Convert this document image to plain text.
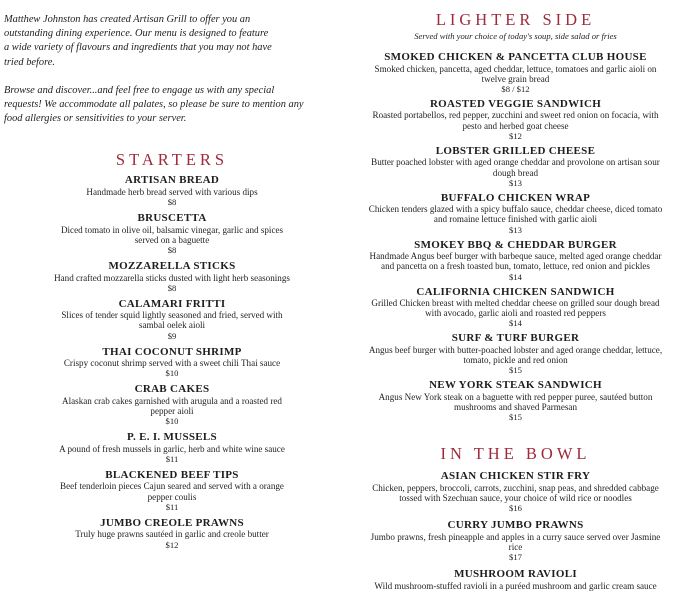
Matthew Johnston has created Artisan Grill to offer you an outstanding dining experience. Our menu is designed to feature a wide variety of flavours and ingredients that you may not have tried before.

Browse and discover...and feel free to engage us with any special requests! We accommodate all palates, so please be sure to mention any food allergies or sensitivities to your server.

STARTERS
ARTISAN BREAD
Handmade herb bread served with various dips
$8
BRUSCETTA
Diced tomato in olive oil, balsamic vinegar, garlic and spices served on a baguette
$8
MOZZARELLA STICKS
Hand crafted mozzarella sticks dusted with light herb seasonings
$8
CALAMARI FRITTI
Slices of tender squid lightly seasoned and fried, served with sambal oelek aioli
$9
THAI COCONUT SHRIMP
Crispy coconut shrimp served with a sweet chili Thai sauce
$10
CRAB CAKES
Alaskan crab cakes garnished with arugula and a roasted red pepper aioli
$10
P. E. I. MUSSELS
A pound of fresh mussels in garlic, herb and white wine sauce
$11
BLACKENED BEEF TIPS
Beef tenderloin pieces Cajun seared and served with a orange pepper coulis
$11
JUMBO CREOLE PRAWNS
Truly huge prawns sautéed in garlic and creole butter
$12
LIGHTER SIDE

Served with your choice of today's soup, side salad or fries

SMOKED CHICKEN & PANCETTA CLUB HOUSE
Smoked chicken, pancetta, aged cheddar, lettuce, tomatoes and garlic aioli on twelve grain bread
$8 / $12
ROASTED VEGGIE SANDWICH
Roasted portabellos, red pepper, zucchini and sweet red onion on focacia, with pesto and herbed goat cheese
$12
LOBSTER GRILLED CHEESE
Butter poached lobster with aged orange cheddar and provolone on artisan sour dough bread
$13
BUFFALO CHICKEN WRAP
Chicken tenders glazed with a spicy buffalo sauce, cheddar cheese, diced tomato and romaine lettuce finished with garlic aioli
$13
SMOKEY BBQ & CHEDDAR BURGER
Handmade Angus beef burger with barbeque sauce, melted aged orange cheddar and pancetta on a fresh toasted bun, tomato, lettuce, red onion and pickles
$14
CALIFORNIA CHICKEN SANDWICH
Grilled Chicken breast with melted cheddar cheese on grilled sour dough bread with avocado, garlic aioli and roasted red peppers
$14
SURF & TURF BURGER
Angus beef burger with butter-poached lobster and aged orange cheddar, lettuce, tomato, pickle and red onion
$15
NEW YORK STEAK SANDWICH
Angus New York steak on a baguette with red pepper puree, sautéed button mushrooms and shaved Parmesan
$15
IN THE BOWL
ASIAN CHICKEN STIR FRY
Chicken, peppers, broccoli, carrots, zucchini, snap peas, and shredded cabbage tossed with Szechuan sauce, your choice of wild rice or noodles
$16
CURRY JUMBO PRAWNS
Jumbo prawns, fresh pineapple and apples in a curry sauce served over Jasmine rice
$17
MUSHROOM RAVIOLI
Wild mushroom-stuffed ravioli in a puréed mushroom and garlic cream sauce
